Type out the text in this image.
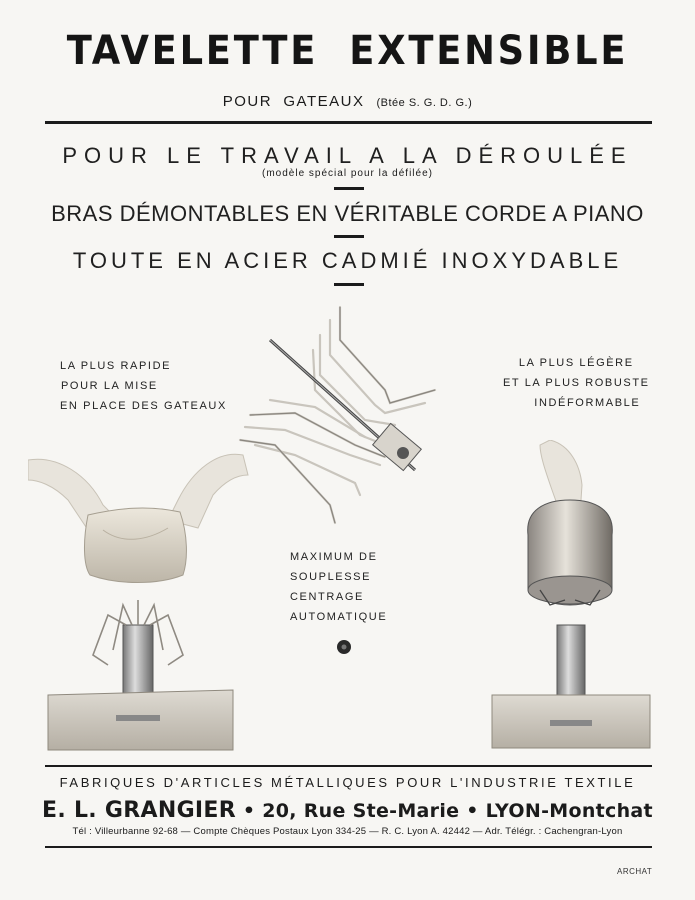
TAVELETTE  EXTENSIBLE
POUR  GATEAUX (Btée S. G. D. G.)
POUR LE TRAVAIL A LA DÉROULÉE
(modèle spécial pour la défilée)
BRAS DÉMONTABLES EN VÉRITABLE CORDE A PIANO
TOUTE EN ACIER CADMIÉ INOXYDABLE
LA PLUS RAPIDE
POUR LA MISE
EN PLACE DES GATEAUX
LA PLUS LÉGÈRE
ET LA PLUS ROBUSTE
INDÉFORMABLE
MAXIMUM DE
SOUPLESSE
CENTRAGE
AUTOMATIQUE
FABRIQUES D'ARTICLES MÉTALLIQUES POUR L'INDUSTRIE TEXTILE
E. L. GRANGIER • 20, Rue Ste-Marie • LYON-Montchat
Tél : Villeurbanne 92-68 — Compte Chèques Postaux Lyon 334-25 — R. C. Lyon A. 42442 — Adr. Télégr. : Cachengran-Lyon
ARCHAT
